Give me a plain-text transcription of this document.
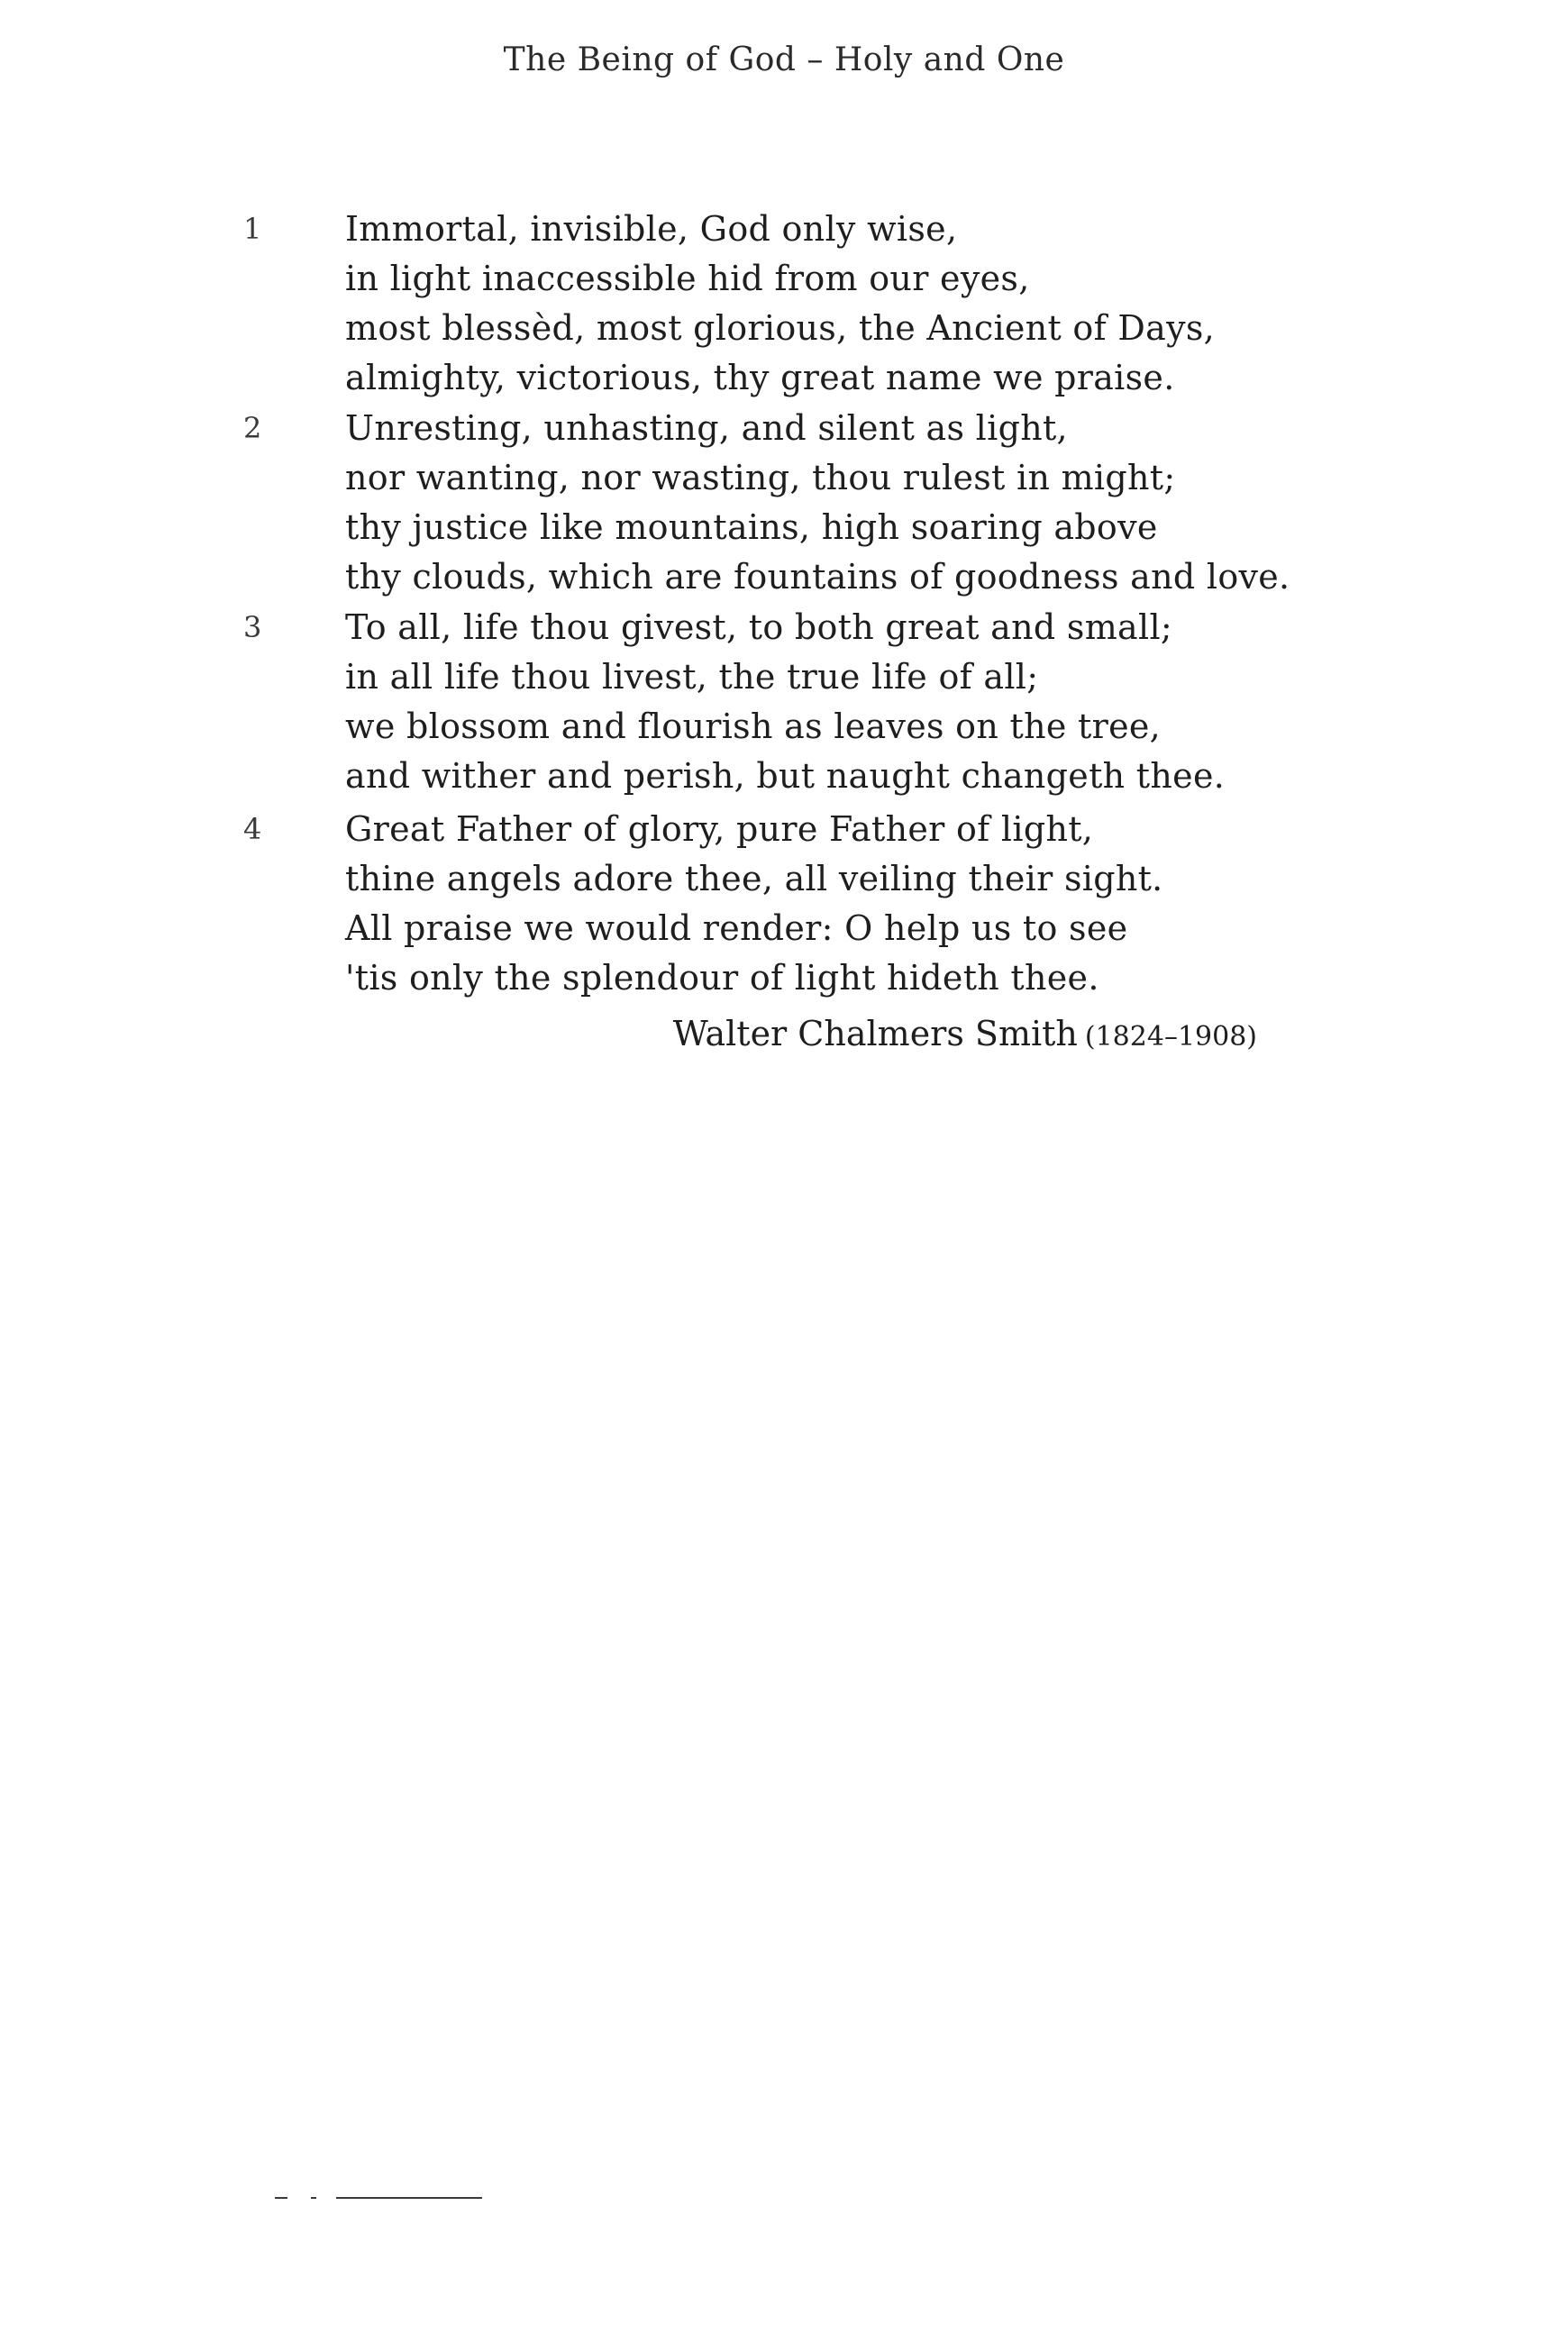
The Being of God – Holy and One
1 Immortal, invisible, God only wise,
in light inaccessible hid from our eyes,
most blessèd, most glorious, the Ancient of Days,
almighty, victorious, thy great name we praise.
2 Unresting, unhasting, and silent as light,
nor wanting, nor wasting, thou rulest in might;
thy justice like mountains, high soaring above
thy clouds, which are fountains of goodness and love.
3 To all, life thou givest, to both great and small;
in all life thou livest, the true life of all;
we blossom and flourish as leaves on the tree,
and wither and perish, but naught changeth thee.
4 Great Father of glory, pure Father of light,
thine angels adore thee, all veiling their sight.
All praise we would render: O help us to see
'tis only the splendour of light hideth thee.
Walter Chalmers Smith (1824–1908)
